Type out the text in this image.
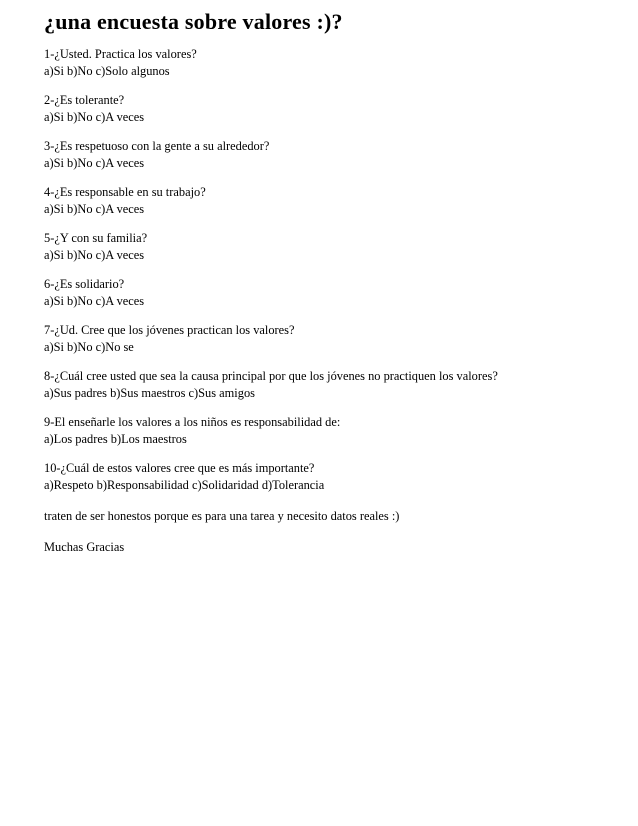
¿una encuesta sobre valores :)?
1-¿Usted. Practica los valores?
a)Si b)No c)Solo algunos
2-¿Es tolerante?
a)Si b)No c)A veces
3-¿Es respetuoso con la gente a su alrededor?
a)Si b)No c)A veces
4-¿Es responsable en su trabajo?
a)Si b)No c)A veces
5-¿Y con su familia?
a)Si b)No c)A veces
6-¿Es solidario?
a)Si b)No c)A veces
7-¿Ud. Cree que los jóvenes practican los valores?
a)Si b)No c)No se
8-¿Cuál cree usted que sea la causa principal por que los jóvenes no practiquen los valores?
a)Sus padres b)Sus maestros c)Sus amigos
9-El enseñarle los valores a los niños es responsabilidad de:
a)Los padres b)Los maestros
10-¿Cuál de estos valores cree que es más importante?
a)Respeto b)Responsabilidad c)Solidaridad d)Tolerancia

traten de ser honestos porque es para una tarea y necesito datos reales :)

Muchas Gracias
